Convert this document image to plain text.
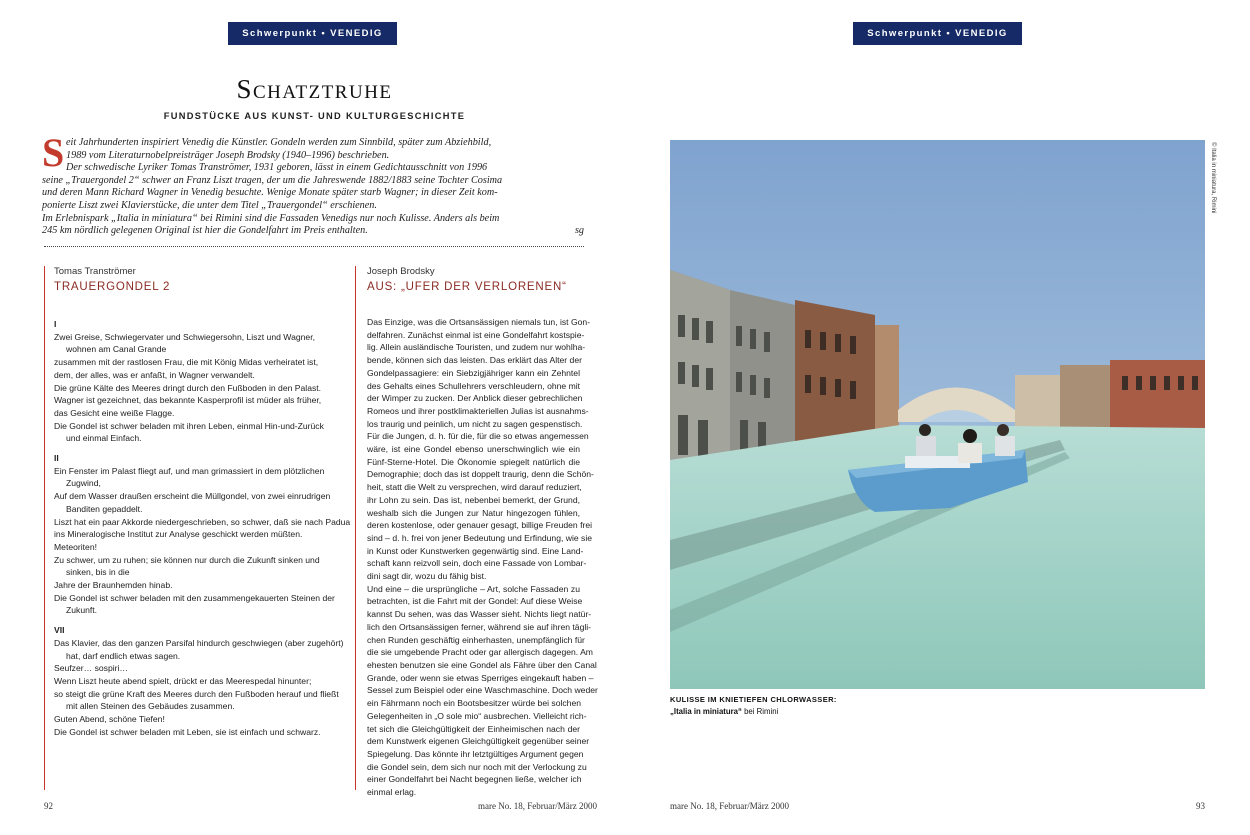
Schwerpunkt • VENEDIG	Schwerpunkt • VENEDIG
Schatztruhe
FUNDSTÜCKE AUS KUNST- UND KULTURGESCHICHTE
S eit Jahrhunderten inspiriert Venedig die Künstler. Gondeln werden zum Sinnbild, später zum Abziehbild,
1989 vom Literaturnobelpreisträger Joseph Brodsky (1940–1996) beschrieben.
Der schwedische Lyriker Tomas Tranströmer, 1931 geboren, lässt in einem Gedichtausschnitt von 1996
seine „Trauergondel 2“ schwer an Franz Liszt tragen, der um die Jahreswende 1882/1883 seine Tochter Cosima
und deren Mann Richard Wagner in Venedig besuchte. Wenige Monate später starb Wagner; in dieser Zeit kom-
ponierte Liszt zwei Klavierstücke, die unter dem Titel „Trauergondel“ erschienen.
Im Erlebnispark „Italia in miniatura“ bei Rimini sind die Fassaden Venedigs nur noch Kulisse. Anders als beim
245 km nördlich gelegenen Original ist hier die Gondelfahrt im Preis enthalten.	sg
Tomas Tranströmer
TRAUERGONDEL 2
I
Zwei Greise, Schwiegervater und Schwiegersohn, Liszt und Wagner,
wohnen am Canal Grande
zusammen mit der rastlosen Frau, die mit König Midas verheiratet ist,
dem, der alles, was er anfaßt, in Wagner verwandelt.
Die grüne Kälte des Meeres dringt durch den Fußboden in den Palast.
Wagner ist gezeichnet, das bekannte Kasperprofil ist müder als früher,
das Gesicht eine weiße Flagge.
Die Gondel ist schwer beladen mit ihren Leben, einmal Hin-und-Zurück
und einmal Einfach.
II
Ein Fenster im Palast fliegt auf, und man grimassiert in dem plötzlichen
Zugwind,
Auf dem Wasser draußen erscheint die Müllgondel, von zwei einrudrigen
Banditen gepaddelt.
Liszt hat ein paar Akkorde niedergeschrieben, so schwer, daß sie nach Padua
ins Mineralogische Institut zur Analyse geschickt werden müßten.
Meteoriten!
Zu schwer, um zu ruhen; sie können nur durch die Zukunft sinken und
sinken, bis in die
Jahre der Braunhemden hinab.
Die Gondel ist schwer beladen mit den zusammengekauerten Steinen der
Zukunft.
VII
Das Klavier, das den ganzen Parsifal hindurch geschwiegen (aber zugehört)
hat, darf endlich etwas sagen.
Seufzer… sospiri…
Wenn Liszt heute abend spielt, drückt er das Meerespedal hinunter;
so steigt die grüne Kraft des Meeres durch den Fußboden herauf und fließt
mit allen Steinen des Gebäudes zusammen.
Guten Abend, schöne Tiefen!
Die Gondel ist schwer beladen mit Leben, sie ist einfach und schwarz.
Joseph Brodsky
AUS: „UFER DER VERLORENEN“
Das Einzige, was die Ortsansässigen niemals tun, ist Gon-
delfahren. Zunächst einmal ist eine Gondelfahrt kostspie-
lig. Allein ausländische Touristen, und zudem nur wohlha-
bende, können sich das leisten. Das erklärt das Alter der
Gondelpassagiere: ein Siebzigjähriger kann ein Zehntel
des Gehalts eines Schullehrers verschleudern, ohne mit
der Wimper zu zucken. Der Anblick dieser gebrechlichen
Romeos und ihrer postklimakteriellen Julias ist ausnahms-
los traurig und peinlich, um nicht zu sagen gespenstisch.
Für die Jungen, d. h. für die, für die so etwas angemessen
wäre, ist eine Gondel ebenso unerschwinglich wie ein
Fünf-Sterne-Hotel. Die Ökonomie spiegelt natürlich die
Demographie; doch das ist doppelt traurig, denn die Schön-
heit, statt die Welt zu versprechen, wird darauf reduziert,
ihr Lohn zu sein. Das ist, nebenbei bemerkt, der Grund,
weshalb sich die Jungen zur Natur hingezogen fühlen,
deren kostenlose, oder genauer gesagt, billige Freuden frei
sind – d. h. frei von jener Bedeutung und Erfindung, wie sie
in Kunst oder Kunstwerken gegenwärtig sind. Eine Land-
schaft kann reizvoll sein, doch eine Fassade von Lombar-
dini sagt dir, wozu du fähig bist.
Und eine – die ursprüngliche – Art, solche Fassaden zu
betrachten, ist die Fahrt mit der Gondel: Auf diese Weise
kannst Du sehen, was das Wasser sieht. Nichts liegt natür-
lich den Ortsansässigen ferner, während sie auf ihren tägli-
chen Runden geschäftig einherhasten, unempfänglich für
die sie umgebende Pracht oder gar allergisch dagegen. Am
ehesten benutzen sie eine Gondel als Fähre über den Canal
Grande, oder wenn sie etwas Sperriges eingekauft haben –
Sessel zum Beispiel oder eine Waschmaschine. Doch weder
ein Fährmann noch ein Bootsbesitzer würde bei solchen
Gelegenheiten in „O sole mio“ ausbrechen. Vielleicht rich-
tet sich die Gleichgültigkeit der Einheimischen nach der
dem Kunstwerk eigenen Gleichgültigkeit gegenüber seiner
Spiegelung. Das könnte ihr letztgültiges Argument gegen
die Gondel sein, dem sich nur noch mit der Verlockung zu
einer Gondelfahrt bei Nacht begegnen ließe, welcher ich
einmal erlag.
© Italia in miniatura, Rimini
KULISSE IM KNIETIEFEN CHLORWASSER:
„Italia in miniatura“ bei Rimini
92	mare No. 18, Februar/März 2000	mare No. 18, Februar/März 2000	93
